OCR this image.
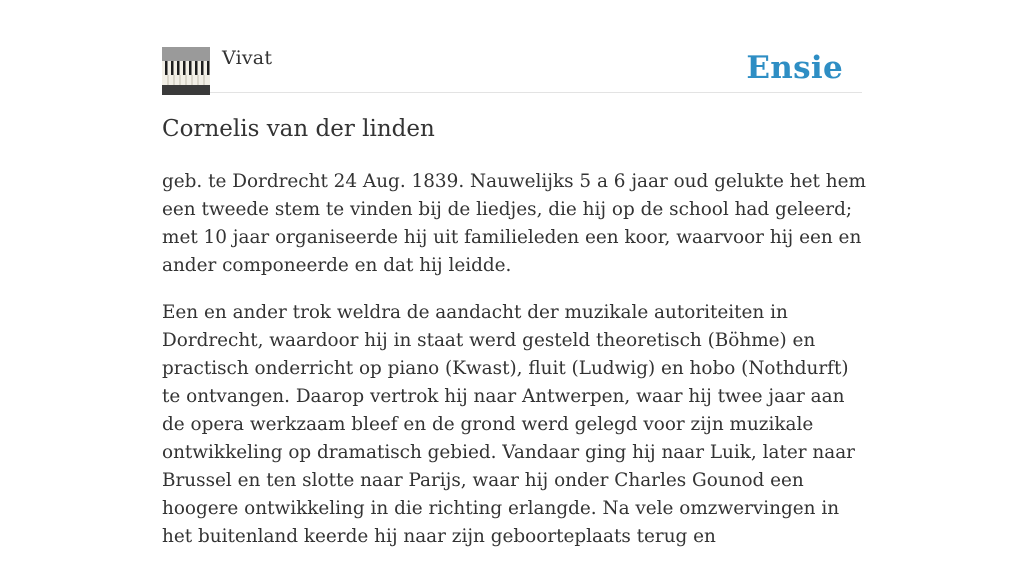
Vivat	Ensie
Cornelis van der linden

geb. te Dordrecht 24 Aug. 1839. Nauwelijks 5 a 6 jaar oud gelukte het hem een tweede stem te vinden bij de liedjes, die hij op de school had geleerd; met 10 jaar organiseerde hij uit familieleden een koor, waarvoor hij een en ander componeerde en dat hij leidde.

Een en ander trok weldra de aandacht der muzikale autoriteiten in Dordrecht, waardoor hij in staat werd gesteld theoretisch (Böhme) en practisch onderricht op piano (Kwast), fluit (Ludwig) en hobo (Nothdurft) te ontvangen. Daarop vertrok hij naar Antwerpen, waar hij twee jaar aan de opera werkzaam bleef en de grond werd gelegd voor zijn muzikale ontwikkeling op dramatisch gebied. Vandaar ging hij naar Luik, later naar Brussel en ten slotte naar Parijs, waar hij onder Charles Gounod een hoogere ontwikkeling in die richting erlangde. Na vele omzwervingen in het buitenland keerde hij naar zijn geboorteplaats terug en
